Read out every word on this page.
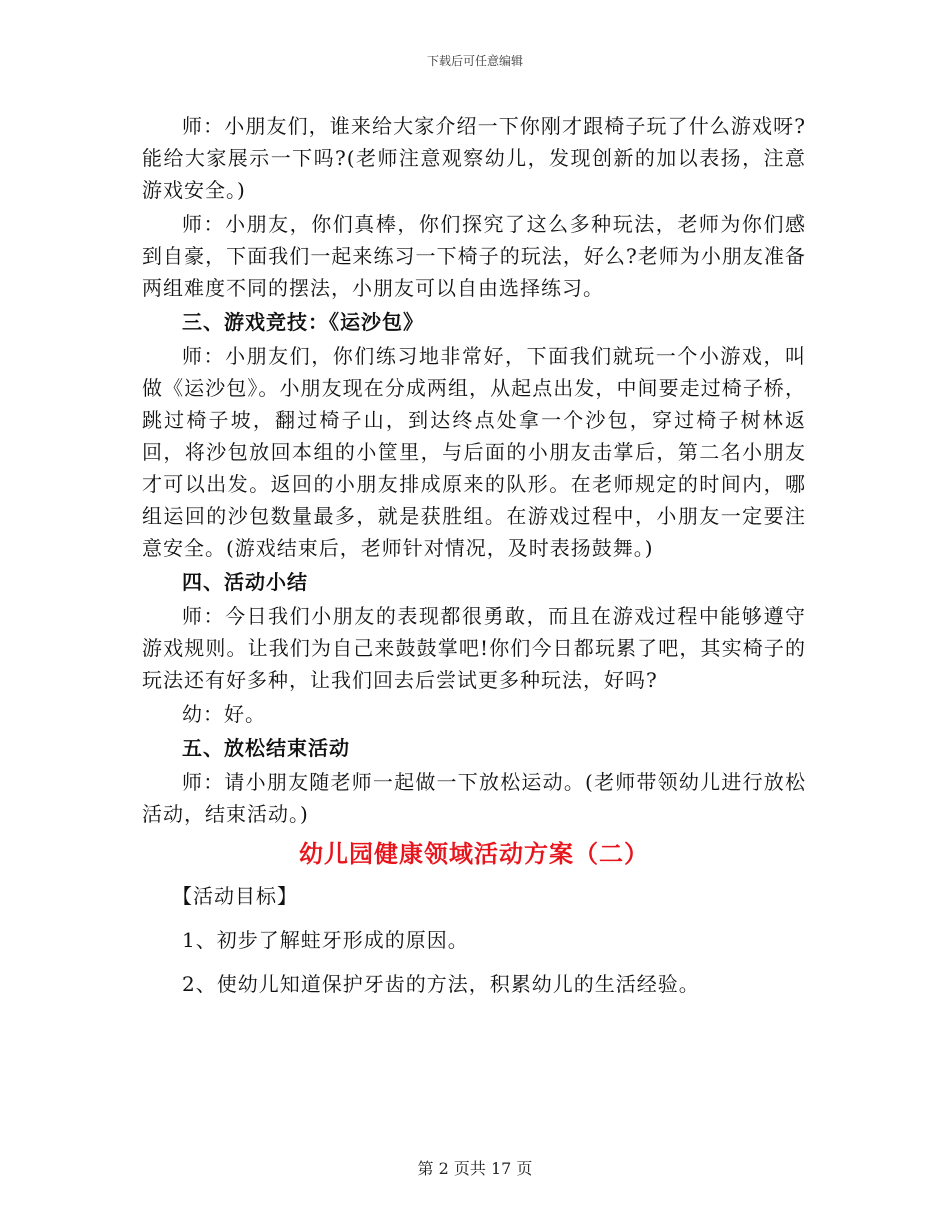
下载后可任意编辑

师：小朋友们，谁来给大家介绍一下你刚才跟椅子玩了什么游戏呀?能给大家展示一下吗?(老师注意观察幼儿，发现创新的加以表扬，注意游戏安全。)

师：小朋友，你们真棒，你们探究了这么多种玩法，老师为你们感到自豪，下面我们一起来练习一下椅子的玩法，好么?老师为小朋友准备两组难度不同的摆法，小朋友可以自由选择练习。

三、游戏竞技：《运沙包》

师：小朋友们，你们练习地非常好，下面我们就玩一个小游戏，叫做《运沙包》。小朋友现在分成两组，从起点出发，中间要走过椅子桥，跳过椅子坡，翻过椅子山，到达终点处拿一个沙包，穿过椅子树林返回，将沙包放回本组的小筐里，与后面的小朋友击掌后，第二名小朋友才可以出发。返回的小朋友排成原来的队形。在老师规定的时间内，哪组运回的沙包数量最多，就是获胜组。在游戏过程中，小朋友一定要注意安全。(游戏结束后，老师针对情况，及时表扬鼓舞。)

四、活动小结

师：今日我们小朋友的表现都很勇敢，而且在游戏过程中能够遵守游戏规则。让我们为自己来鼓鼓掌吧!你们今日都玩累了吧，其实椅子的玩法还有好多种，让我们回去后尝试更多种玩法，好吗?

幼：好。

五、放松结束活动

师：请小朋友随老师一起做一下放松运动。(老师带领幼儿进行放松活动，结束活动。)

幼儿园健康领域活动方案（二）

【活动目标】

1、初步了解蛀牙形成的原因。

2、使幼儿知道保护牙齿的方法，积累幼儿的生活经验。

第 2 页共 17 页
